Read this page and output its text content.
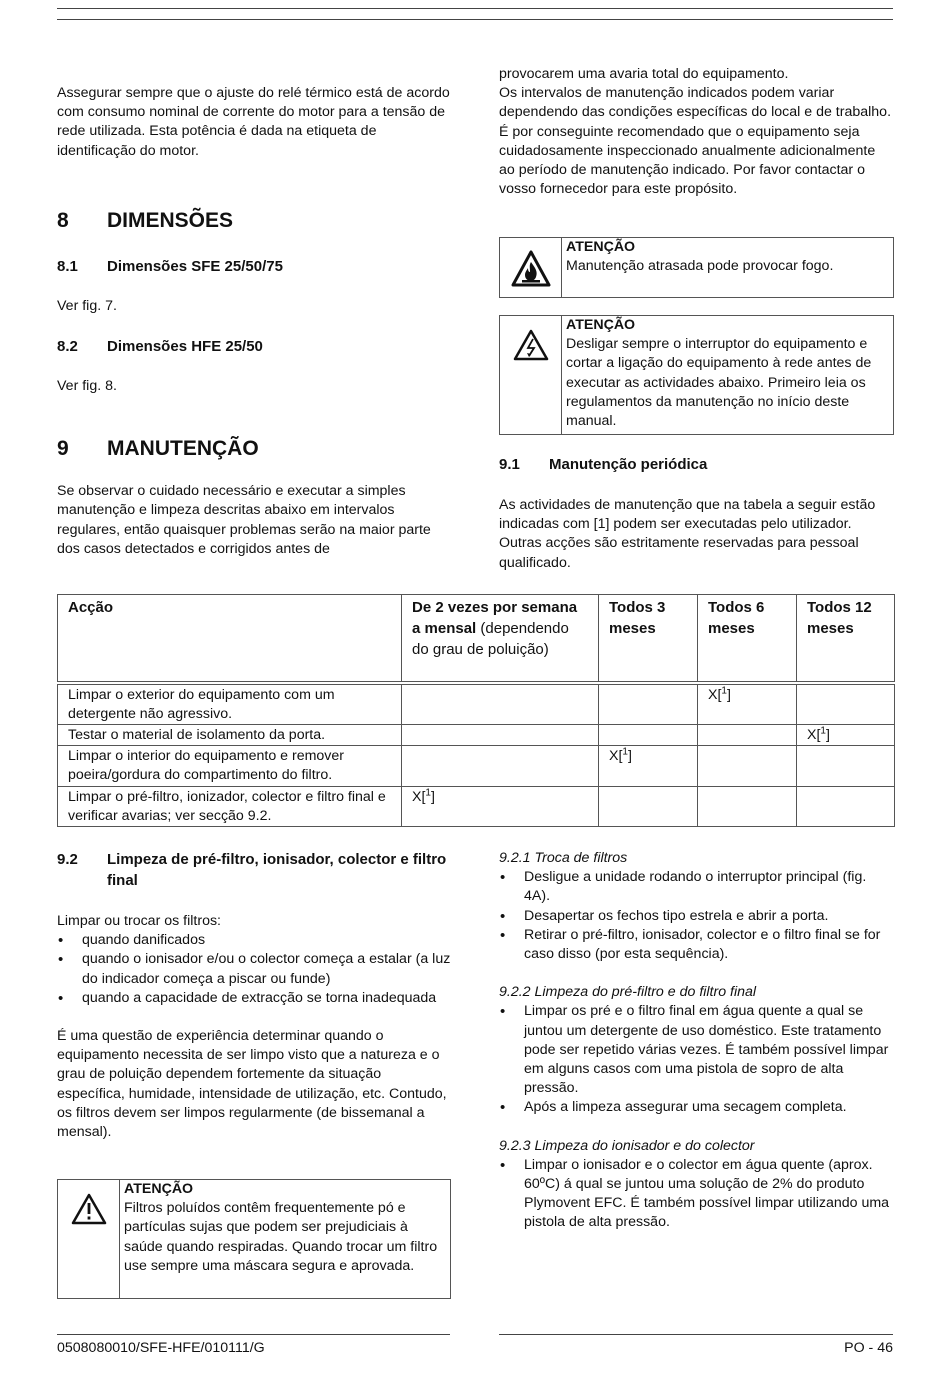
Assegurar sempre que o ajuste do relé térmico está de acordo com consumo nominal de corrente do motor para a tensão de rede utilizada. Esta potência é dada na etiqueta de identificação do motor.

8	DIMENSÕES
8.1	Dimensões SFE 25/50/75

Ver fig. 7.

8.2	Dimensões HFE 25/50

Ver fig. 8.

9	MANUTENÇÃO

Se observar o cuidado necessário e executar a simples manutenção e limpeza descritas abaixo em intervalos regulares, então quaisquer problemas serão na maior parte dos casos detectados e corrigidos antes de

provocarem uma avaria total do equipamento.

Os intervalos de manutenção indicados podem variar dependendo das condições específicas do local e de trabalho. É por conseguinte recomendado que o equipamento seja cuidadosamente inspeccionado anualmente adicionalmente ao período de manutenção indicado. Por favor contactar o vosso fornecedor para este propósito.

ATENÇÃO
Manutenção atrasada pode provocar fogo.
ATENÇÃO
Desligar sempre o interruptor do equipamento e cortar a ligação do equipamento à rede antes de executar as actividades abaixo. Primeiro leia os regulamentos da manutenção no início deste manual.
9.1	Manutenção periódica

As actividades de manutenção que na tabela a seguir estão indicadas com [1] podem ser executadas pelo utilizador. Outras acções são estritamente reservadas para pessoal qualificado.

Acção	De 2 vezes por semana a mensal (dependendo do grau de poluição)	Todos 3 meses	Todos 6 meses	Todos 12 meses
Limpar o exterior do equipamento com um detergente não agressivo.			X[$^1$]	
Testar o material de isolamento da porta.				X[$^1$]
Limpar o interior do equipamento e remover poeira/gordura do compartimento do filtro.		X[$^1$]		
Limpar o pré-filtro, ionizador, colector e filtro final e verificar avarias; ver secção 9.2.	X[$^1$]			
9.2	Limpeza de pré-filtro, ionisador, colector e filtro final

Limpar ou trocar os filtros:

• quando danificados
• quando o ionisador e/ou o colector começa a estalar (a luz do indicador começa a piscar ou funde)
• quando a capacidade de extracção se torna inadequada

É uma questão de experiência determinar quando o equipamento necessita de ser limpo visto que a natureza e o grau de poluição dependem fortemente da situação específica, humidade, intensidade de utilização, etc. Contudo, os filtros devem ser limpos regularmente (de bissemanal a mensal).

ATENÇÃO
Filtros poluídos contêm frequentemente pó e partículas sujas que podem ser prejudiciais à saúde quando respiradas. Quando trocar um filtro use sempre uma máscara segura e aprovada.
9.2.1 Troca de filtros
• Desligue a unidade rodando o interruptor principal (fig. 4A).
• Desapertar os fechos tipo estrela e abrir a porta.
• Retirar o pré-filtro, ionisador, colector e o filtro final se for caso disso (por esta sequência).
9.2.2 Limpeza do pré-filtro e do filtro final
• Limpar os pré e o filtro final em água quente a qual se juntou um detergente de uso doméstico. Este tratamento pode ser repetido várias vezes. É também possível limpar em alguns casos com uma pistola de sopro de alta pressão.
• Após a limpeza assegurar uma secagem completa.
9.2.3 Limpeza do ionisador e do colector
• Limpar o ionisador e o colector em água quente (aprox. 60ºC) á qual se juntou uma solução de 2% do produto Plymovent EFC. É também possível limpar utilizando uma pistola de alta pressão.
0508080010/SFE-HFE/010111/G	PO - 46
